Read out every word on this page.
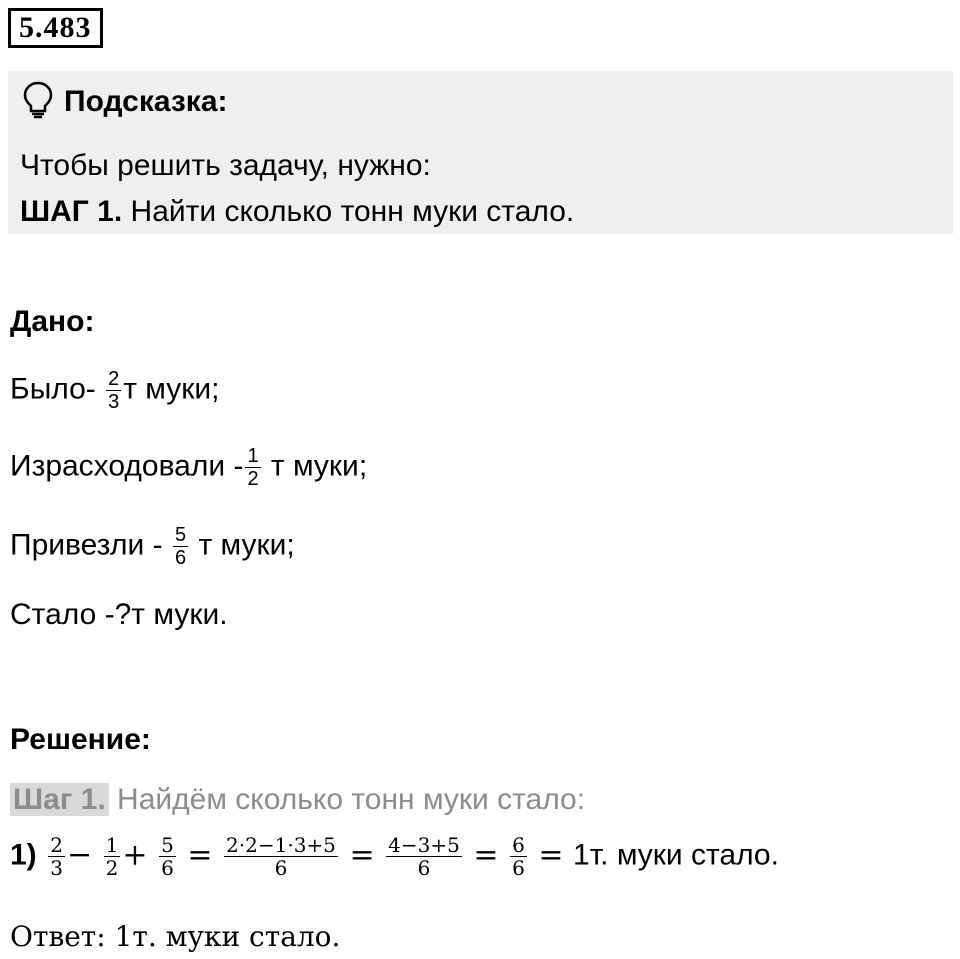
5.483
Подсказка:
Чтобы решить задачу, нужно:
ШАГ 1. Найти сколько тонн муки стало.
Дано:
Было- $\frac{2}{3}$ т муки;
Израсходовали - $\frac{1}{2}$ т муки;
Привезли - $\frac{5}{6}$ т муки;
Стало -?т муки.
Решение:
Шаг 1. Найдём сколько тонн муки стало:
$1) \frac{2}{3} - \frac{1}{2} + \frac{5}{6} = \frac{2\cdot 2-1\cdot 3+5}{6} = \frac{4-3+5}{6} = \frac{6}{6} = 1т$. муки стало.
Ответ: 1т. муки стало.
